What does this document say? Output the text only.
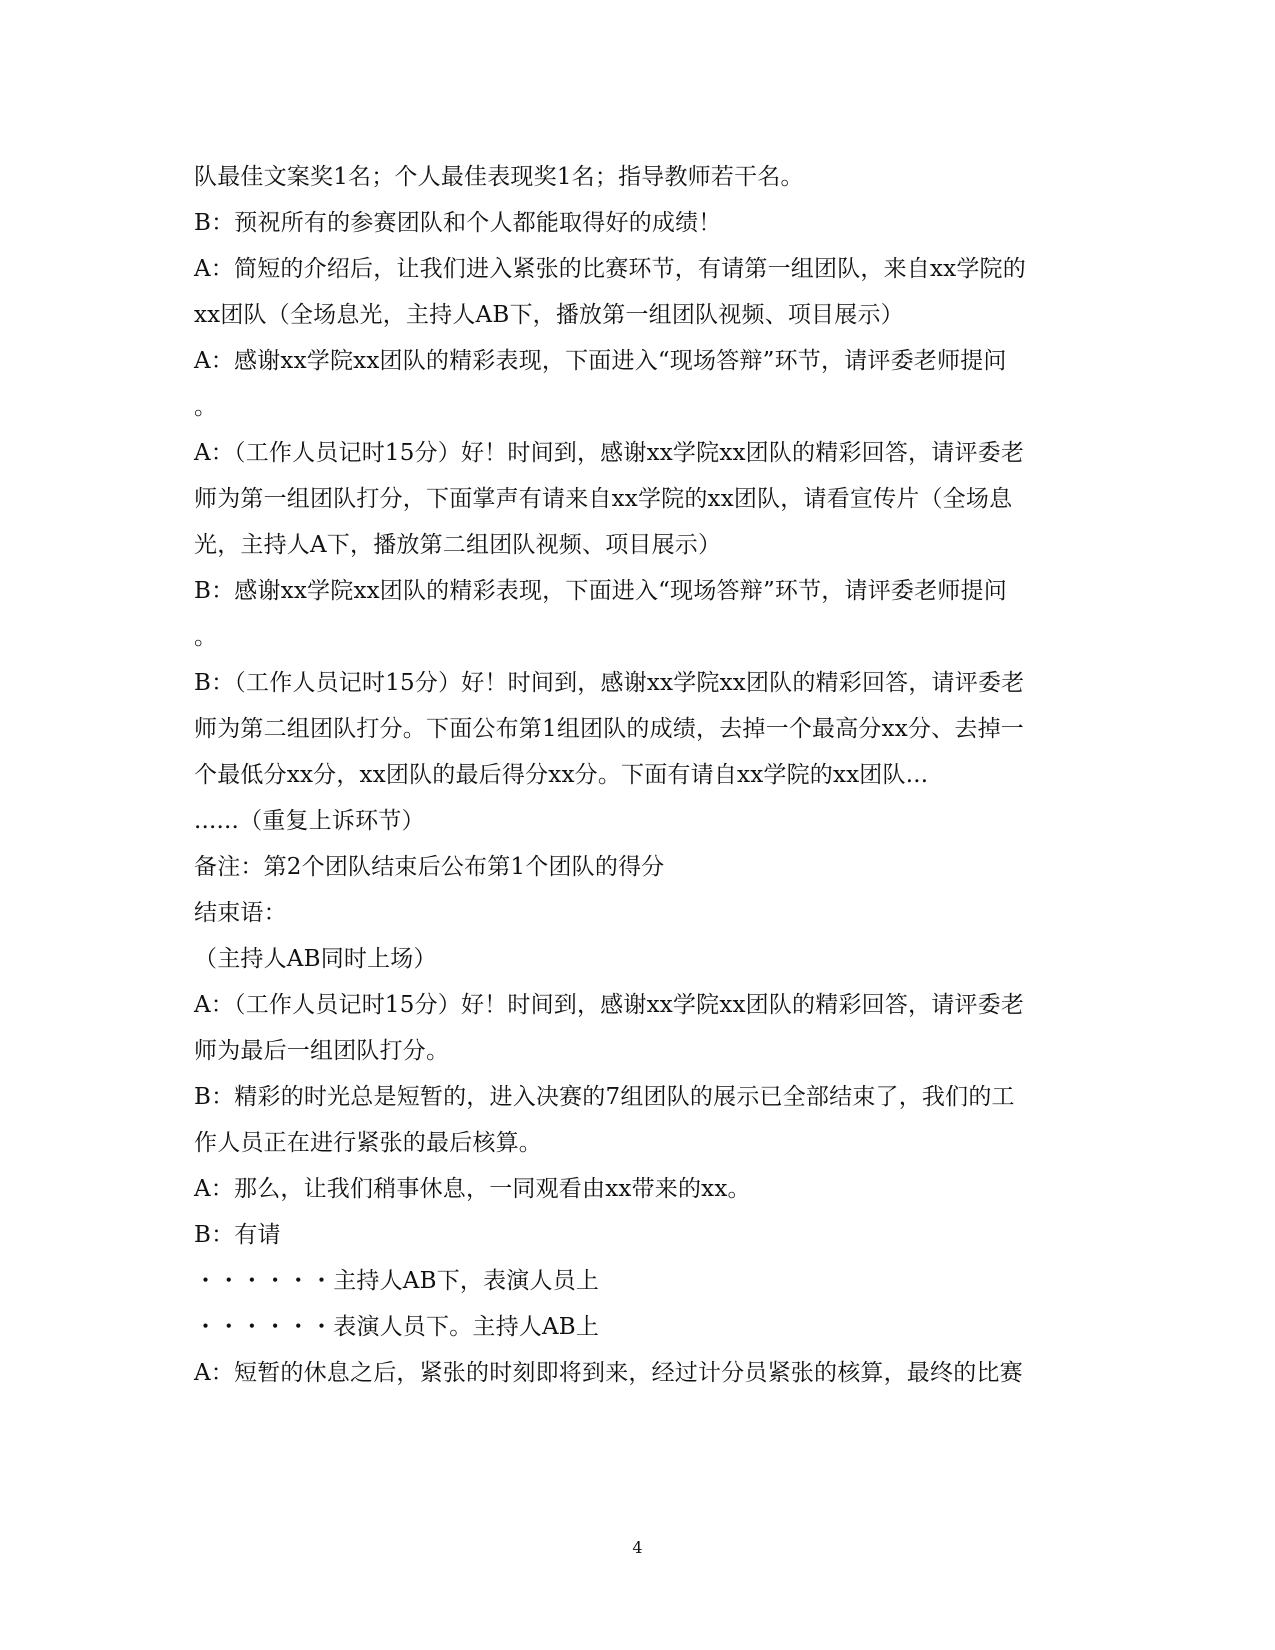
队最佳文案奖1名；个人最佳表现奖1名；指导教师若干名。
B：预祝所有的参赛团队和个人都能取得好的成绩！
A：简短的介绍后，让我们进入紧张的比赛环节，有请第一组团队，来自xx学院的
xx团队（全场息光，主持人AB下，播放第一组团队视频、项目展示）
A：感谢xx学院xx团队的精彩表现，下面进入“现场答辩”环节，请评委老师提问
。
A：（工作人员记时15分）好！时间到，感谢xx学院xx团队的精彩回答，请评委老
师为第一组团队打分，下面掌声有请来自xx学院的xx团队，请看宣传片（全场息
光，主持人A下，播放第二组团队视频、项目展示）
B：感谢xx学院xx团队的精彩表现，下面进入“现场答辩”环节，请评委老师提问
。
B：（工作人员记时15分）好！时间到，感谢xx学院xx团队的精彩回答，请评委老
师为第二组团队打分。下面公布第1组团队的成绩，去掉一个最高分xx分、去掉一
个最低分xx分，xx团队的最后得分xx分。下面有请自xx学院的xx团队...
......（重复上诉环节）
备注：第2个团队结束后公布第1个团队的得分
结束语：
（主持人AB同时上场）
A：（工作人员记时15分）好！时间到，感谢xx学院xx团队的精彩回答，请评委老
师为最后一组团队打分。
B：精彩的时光总是短暂的，进入决赛的7组团队的展示已全部结束了，我们的工
作人员正在进行紧张的最后核算。
A：那么，让我们稍事休息，一同观看由xx带来的xx。
B：有请
・・・・・・主持人AB下，表演人员上
・・・・・・表演人员下。主持人AB上
A：短暂的休息之后，紧张的时刻即将到来，经过计分员紧张的核算，最终的比赛
4
